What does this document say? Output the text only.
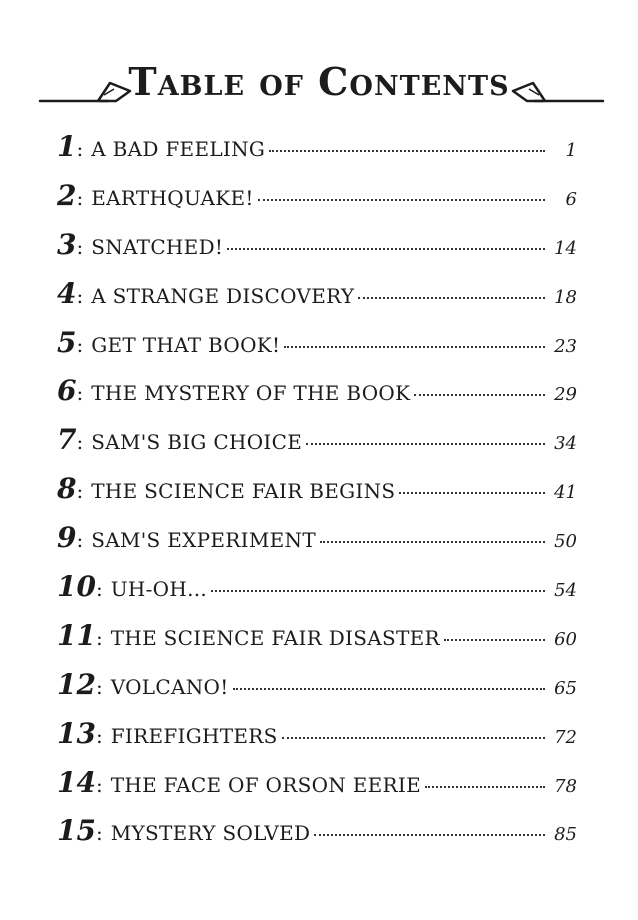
Table of Contents
1 : A BAD FEELING	1
2 : EARTHQUAKE!	6
3 : SNATCHED!	14
4 : A STRANGE DISCOVERY	18
5 : GET THAT BOOK!	23
6 : THE MYSTERY OF THE BOOK	29
7 : SAM'S BIG CHOICE	34
8 : THE SCIENCE FAIR BEGINS	41
9 : SAM'S EXPERIMENT	50
10 : UH-OH...	54
11 : THE SCIENCE FAIR DISASTER	60
12 : VOLCANO!	65
13 : FIREFIGHTERS	72
14 : THE FACE OF ORSON EERIE	78
15 : MYSTERY SOLVED	85
